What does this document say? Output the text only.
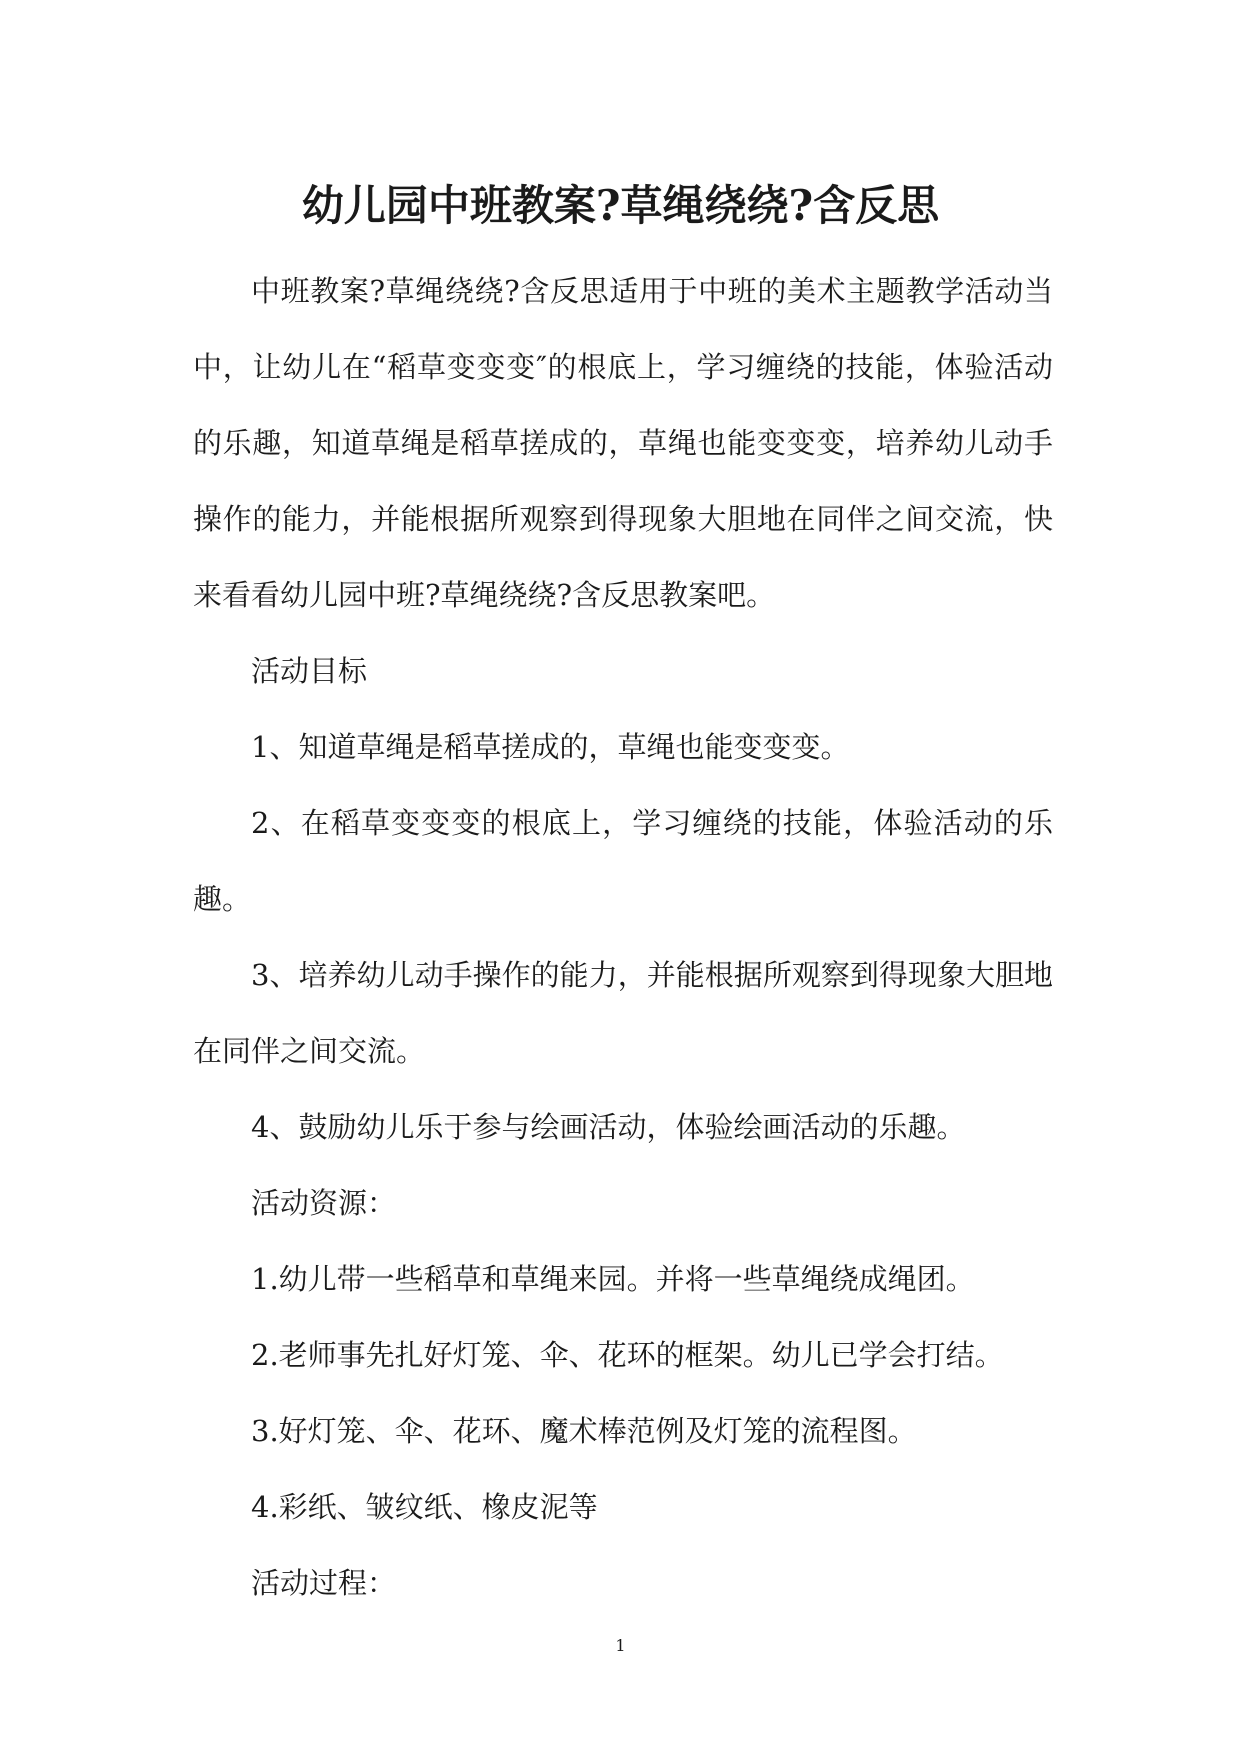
幼儿园中班教案?草绳绕绕?含反思

中班教案?草绳绕绕?含反思适用于中班的美术主题教学活动当中，让幼儿在“稻草变变变″的根底上，学习缠绕的技能，体验活动的乐趣，知道草绳是稻草搓成的，草绳也能变变变，培养幼儿动手操作的能力，并能根据所观察到得现象大胆地在同伴之间交流，快来看看幼儿园中班?草绳绕绕?含反思教案吧。

活动目标

1、知道草绳是稻草搓成的，草绳也能变变变。

2、在稻草变变变的根底上，学习缠绕的技能，体验活动的乐趣。

3、培养幼儿动手操作的能力，并能根据所观察到得现象大胆地在同伴之间交流。

4、鼓励幼儿乐于参与绘画活动，体验绘画活动的乐趣。

活动资源：

1.幼儿带一些稻草和草绳来园。并将一些草绳绕成绳团。

2.老师事先扎好灯笼、伞、花环的框架。幼儿已学会打结。

3.好灯笼、伞、花环、魔术棒范例及灯笼的流程图。

4.彩纸、皱纹纸、橡皮泥等

活动过程：

1
